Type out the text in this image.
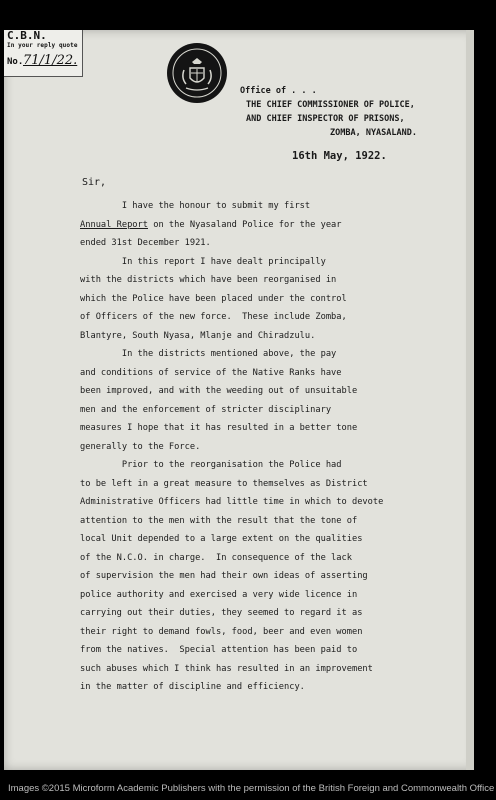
C.B.N.
In your reply quote
No. 71/1/22.
Office of . . .
THE CHIEF COMMISSIONER OF POLICE,
AND CHIEF INSPECTOR OF PRISONS,
ZOMBA, NYASALAND.
16th May, 1922.
Sir,
I have the honour to submit my first
Annual Report on the Nyasaland Police for the year
ended 31st December 1921.
In this report I have dealt principally
with the districts which have been reorganised in
which the Police have been placed under the control
of Officers of the new force.  These include Zomba,
Blantyre, South Nyasa, Mlanje and Chiradzulu.
In the districts mentioned above, the pay
and conditions of service of the Native Ranks have
been improved, and with the weeding out of unsuitable
men and the enforcement of stricter disciplinary
measures I hope that it has resulted in a better tone
generally to the Force.
Prior to the reorganisation the Police had
to be left in a great measure to themselves as District
Administrative Officers had little time in which to devote
attention to the men with the result that the tone of
local Unit depended to a large extent on the qualities
of the N.C.O. in charge.  In consequence of the lack
of supervision the men had their own ideas of asserting
police authority and exercised a very wide licence in
carrying out their duties, they seemed to regard it as
their right to demand fowls, food, beer and even women
from the natives.  Special attention has been paid to
such abuses which I think has resulted in an improvement
in the matter of discipline and efficiency.
Images ©2015 Microform Academic Publishers with the permission of the British Foreign and Commonwealth Office
